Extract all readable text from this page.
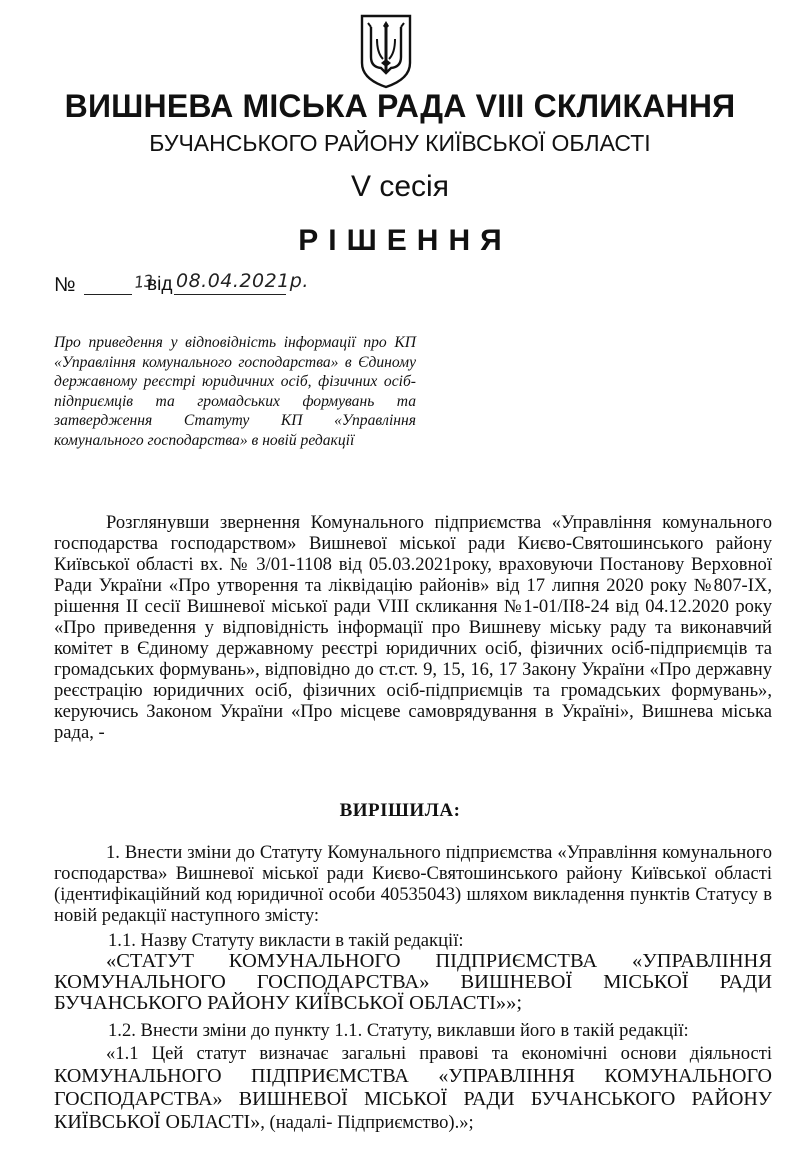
ВИШНЕВА МІСЬКА РАДА VIII СКЛИКАННЯ
БУЧАНСЬКОГО РАЙОНУ КИЇВСЬКОЇ ОБЛАСТІ
V сесія
РІШЕННЯ
№	13
від 08.04.2021р.
Про приведення у відповідність інформації про КП «Управління комунального господарства» в Єдиному державному реєстрі юридичних осіб, фізичних осіб-підприємців та громадських формувань та затвердження Статуту КП «Управління комунального господарства» в новій редакції
Розглянувши звернення Комунального підприємства «Управління комунального господарства господарством» Вишневої міської ради Києво-Святошинського району Київської області вх. № 3/01-1108 від 05.03.2021року, враховуючи Постанову Верховної Ради України «Про утворення та ліквідацію районів» від 17 липня 2020 року №807-ІХ, рішення ІІ сесії Вишневої міської ради VIII скликання №1-01/ІІ8-24 від 04.12.2020 року «Про приведення у відповідність інформації про Вишневу міську раду та виконавчий комітет в Єдиному державному реєстрі юридичних осіб, фізичних осіб-підприємців та громадських формувань», відповідно до ст.ст. 9, 15, 16, 17 Закону України «Про державну реєстрацію юридичних осіб, фізичних осіб-підприємців та громадських формувань», керуючись Законом України «Про місцеве самоврядування в Україні», Вишнева міська рада, -
ВИРІШИЛА:
1. Внести зміни до Статуту Комунального підприємства «Управління комунального господарства» Вишневої міської ради Києво-Святошинського району Київської області (ідентифікаційний код юридичної особи 40535043) шляхом викладення пунктів Статусу в новій редакції наступного змісту:
1.1. Назву Статуту викласти в такій редакції:
«СТАТУТ КОМУНАЛЬНОГО ПІДПРИЄМСТВА «УПРАВЛІННЯ КОМУНАЛЬНОГО ГОСПОДАРСТВА» ВИШНЕВОЇ МІСЬКОЇ РАДИ БУЧАНСЬКОГО РАЙОНУ КИЇВСЬКОЇ ОБЛАСТІ»»;
1.2. Внести зміни до пункту 1.1. Статуту, виклавши його в такій редакції:
«1.1 Цей статут визначає загальні правові та економічні основи діяльності КОМУНАЛЬНОГО ПІДПРИЄМСТВА «УПРАВЛІННЯ КОМУНАЛЬНОГО ГОСПОДАРСТВА» ВИШНЕВОЇ МІСЬКОЇ РАДИ БУЧАНСЬКОГО РАЙОНУ КИЇВСЬКОЇ ОБЛАСТІ», (надалі- Підприємство).»;
